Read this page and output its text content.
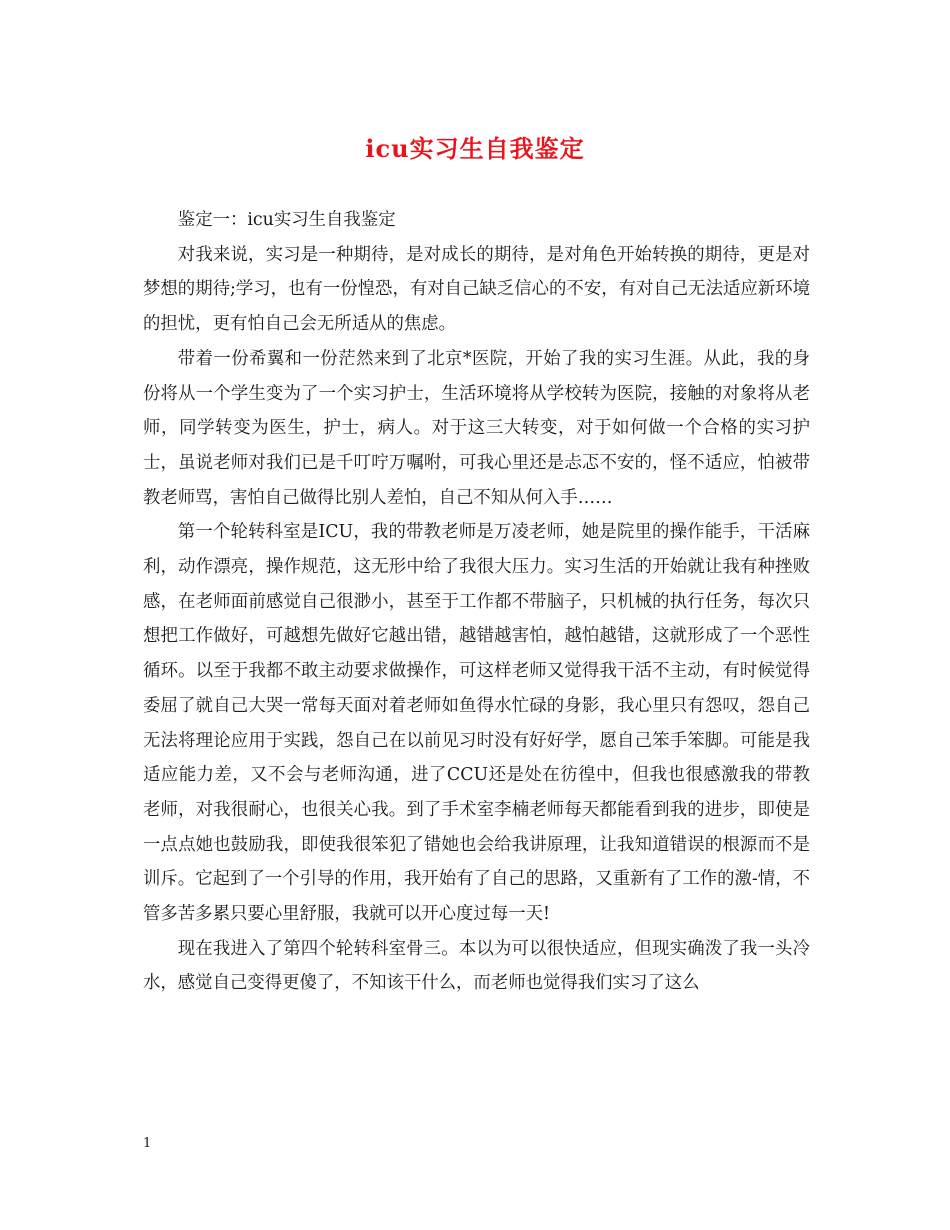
icu实习生自我鉴定

鉴定一：icu实习生自我鉴定

对我来说，实习是一种期待，是对成长的期待，是对角色开始转换的期待，更是对梦想的期待;学习，也有一份惶恐，有对自己缺乏信心的不安，有对自己无法适应新环境的担忧，更有怕自己会无所适从的焦虑。

带着一份希翼和一份茫然来到了北京*医院，开始了我的实习生涯。从此，我的身份将从一个学生变为了一个实习护士，生活环境将从学校转为医院，接触的对象将从老师，同学转变为医生，护士，病人。对于这三大转变，对于如何做一个合格的实习护士，虽说老师对我们已是千叮咛万嘱咐，可我心里还是忐忑不安的，怪不适应，怕被带教老师骂，害怕自己做得比别人差怕，自己不知从何入手……

第一个轮转科室是ICU，我的带教老师是万凌老师，她是院里的操作能手，干活麻利，动作漂亮，操作规范，这无形中给了我很大压力。实习生活的开始就让我有种挫败感，在老师面前感觉自己很渺小，甚至于工作都不带脑子，只机械的执行任务，每次只想把工作做好，可越想先做好它越出错，越错越害怕，越怕越错，这就形成了一个恶性循环。以至于我都不敢主动要求做操作，可这样老师又觉得我干活不主动，有时候觉得委屈了就自己大哭一常每天面对着老师如鱼得水忙碌的身影，我心里只有怨叹，怨自己无法将理论应用于实践，怨自己在以前见习时没有好好学，愿自己笨手笨脚。可能是我适应能力差，又不会与老师沟通，进了CCU还是处在彷徨中，但我也很感激我的带教老师，对我很耐心，也很关心我。到了手术室李楠老师每天都能看到我的进步，即使是一点点她也鼓励我，即使我很笨犯了错她也会给我讲原理，让我知道错误的根源而不是训斥。它起到了一个引导的作用，我开始有了自己的思路，又重新有了工作的激-情，不管多苦多累只要心里舒服，我就可以开心度过每一天!

现在我进入了第四个轮转科室骨三。本以为可以很快适应，但现实确泼了我一头冷水，感觉自己变得更傻了，不知该干什么，而老师也觉得我们实习了这么

1
